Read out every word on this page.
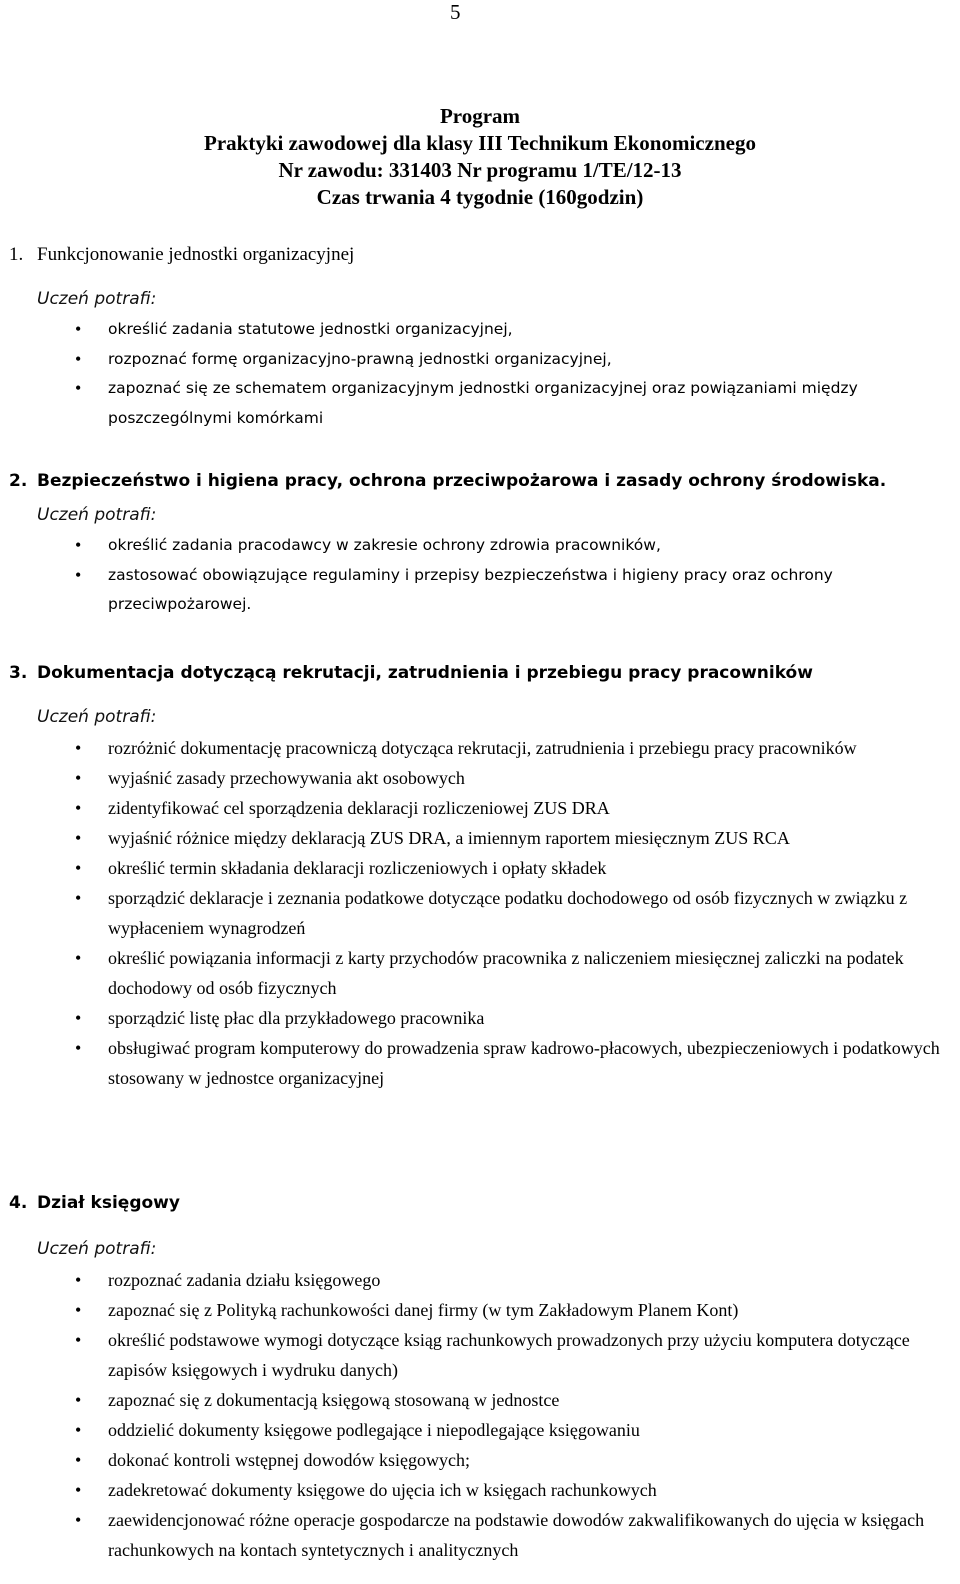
5
Program
Praktyki zawodowej dla klasy III Technikum Ekonomicznego
Nr zawodu: 331403 Nr programu 1/TE/12-13
Czas trwania 4 tygodnie (160godzin)
1. Funkcjonowanie jednostki organizacyjnej
Uczeń potrafi:
• określić zadania statutowe jednostki organizacyjnej,
• rozpoznać formę organizacyjno-prawną jednostki organizacyjnej,
• zapoznać się ze schematem organizacyjnym jednostki organizacyjnej oraz powiązaniami między poszczególnymi komórkami
2. Bezpieczeństwo i higiena pracy, ochrona przeciwpożarowa i zasady ochrony środowiska.
Uczeń potrafi:
• określić zadania pracodawcy w zakresie ochrony zdrowia pracowników,
• zastosować obowiązujące regulaminy i przepisy bezpieczeństwa i higieny pracy oraz ochrony przeciwpożarowej.
3. Dokumentacja dotyczącą rekrutacji, zatrudnienia i przebiegu pracy pracowników
Uczeń potrafi:
• rozróżnić dokumentację pracowniczą dotycząca rekrutacji, zatrudnienia i przebiegu pracy pracowników
• wyjaśnić zasady przechowywania akt osobowych
• zidentyfikować cel sporządzenia deklaracji rozliczeniowej ZUS DRA
• wyjaśnić różnice między deklaracją ZUS DRA, a imiennym raportem miesięcznym ZUS RCA
• określić termin składania deklaracji rozliczeniowych i opłaty składek
• sporządzić deklaracje i zeznania podatkowe dotyczące podatku dochodowego od osób fizycznych w związku z wypłaceniem wynagrodzeń
• określić powiązania informacji z karty przychodów pracownika z naliczeniem miesięcznej zaliczki na podatek dochodowy od osób fizycznych
• sporządzić listę płac dla przykładowego pracownika
• obsługiwać program komputerowy do prowadzenia spraw kadrowo-płacowych, ubezpieczeniowych i podatkowych stosowany w jednostce organizacyjnej
4. Dział księgowy
Uczeń potrafi:
• rozpoznać zadania działu księgowego
• zapoznać się z Polityką rachunkowości danej firmy (w tym Zakładowym Planem Kont)
• określić podstawowe wymogi dotyczące ksiąg rachunkowych prowadzonych przy użyciu komputera dotyczące zapisów księgowych i wydruku danych)
• zapoznać się z dokumentacją księgową stosowaną w jednostce
• oddzielić dokumenty księgowe podlegające i niepodlegające księgowaniu
• dokonać kontroli wstępnej dowodów księgowych;
• zadekretować dokumenty księgowe do ujęcia ich w księgach rachunkowych
• zaewidencjonować różne operacje gospodarcze na podstawie dowodów zakwalifikowanych do ujęcia w księgach rachunkowych na kontach syntetycznych i analitycznych
